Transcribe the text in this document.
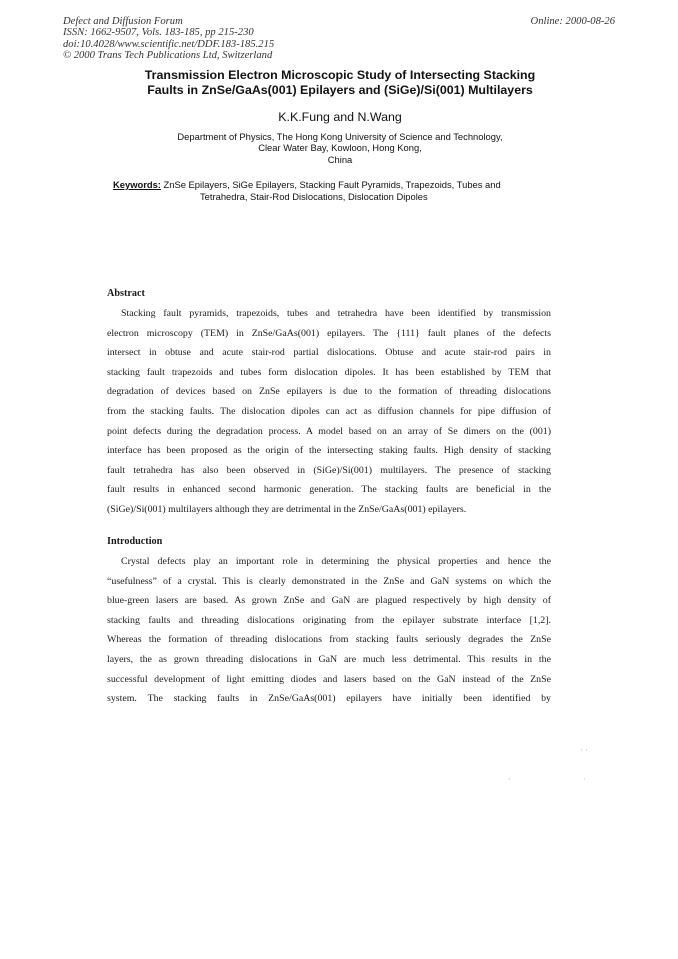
Defect and Diffusion Forum
ISSN: 1662-9507, Vols. 183-185, pp 215-230
doi:10.4028/www.scientific.net/DDF.183-185.215
© 2000 Trans Tech Publications Ltd, Switzerland
Online: 2000-08-26
Transmission Electron Microscopic Study of Intersecting Stacking
Faults in ZnSe/GaAs(001) Epilayers and (SiGe)/Si(001) Multilayers
K.K.Fung and N.Wang
Department of Physics, The Hong Kong University of Science and Technology,
Clear Water Bay, Kowloon, Hong Kong,
China
Keywords: ZnSe Epilayers, SiGe Epilayers, Stacking Fault Pyramids, Trapezoids, Tubes and
Tetrahedra, Stair-Rod Dislocations, Dislocation Dipoles
Abstract
Stacking fault pyramids, trapezoids, tubes and tetrahedra have been identified by transmission
electron microscopy (TEM) in ZnSe/GaAs(001) epilayers. The {111} fault planes of the defects
intersect in obtuse and acute stair-rod partial dislocations. Obtuse and acute stair-rod pairs in
stacking fault trapezoids and tubes form dislocation dipoles. It has been established by TEM that
degradation of devices based on ZnSe epilayers is due to the formation of threading dislocations
from the stacking faults. The dislocation dipoles can act as diffusion channels for pipe diffusion of
point defects during the degradation process. A model based on an array of Se dimers on the (001)
interface has been proposed as the origin of the intersecting staking faults. High density of stacking
fault tetrahedra has also been observed in (SiGe)/Si(001) multilayers. The presence of stacking
fault results in enhanced second harmonic generation. The stacking faults are beneficial in the
(SiGe)/Si(001) multilayers although they are detrimental in the ZnSe/GaAs(001) epilayers.
Introduction
Crystal defects play an important role in determining the physical properties and hence the
“usefulness” of a crystal. This is clearly demonstrated in the ZnSe and GaN systems on which the
blue-green lasers are based. As grown ZnSe and GaN are plagued respectively by high density of
stacking faults and threading dislocations originating from the epilayer substrate interface [1,2].
Whereas the formation of threading dislocations from stacking faults seriously degrades the ZnSe
layers, the as grown threading dislocations in GaN are much less detrimental. This results in the
successful development of light emitting diodes and lasers based on the GaN instead of the ZnSe
system. The stacking faults in ZnSe/GaAs(001) epilayers have initially been identified by
· ·
·	·
